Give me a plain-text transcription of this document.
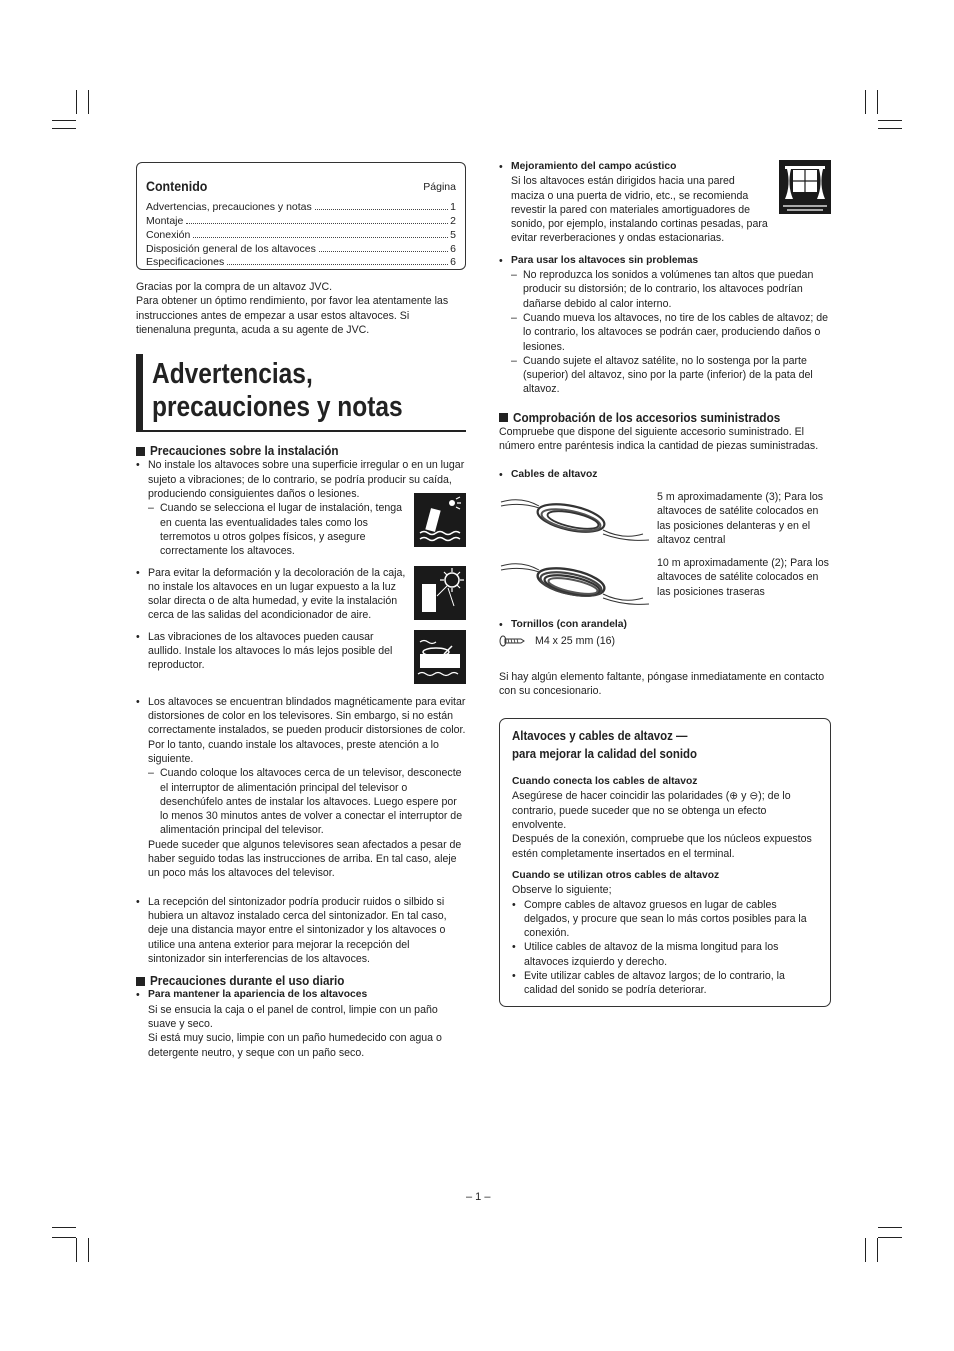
Contenido	Página
Advertencias, precauciones y notas	1
Montaje	2
Conexión	5
Disposición general de los altavoces	6
Especificaciones	6

Gracias por la compra de un altavoz JVC.

Para obtener un óptimo rendimiento, por favor lea atentamente las instrucciones antes de empezar a usar estos altavoces. Si tienenaluna pregunta, acuda a su agente de JVC.

Advertencias,
precauciones y notas
Precauciones sobre la instalación

• No instale los altavoces sobre una superficie irregular o en un lugar sujeto a vibraciones; de lo contrario, se podría producir su caída, produciendo consiguientes daños o lesiones.

– Cuando se selecciona el lugar de instalación, tenga en cuenta las eventualidades tales como los terremotos u otros golpes físicos, y asegure correctamente los altavoces.

• Para evitar la deformación y la decoloración de la caja, no instale los altavoces en un lugar expuesto a la luz solar directa o de alta humedad, y evite la instalación cerca de las salidas del acondicionador de aire.

• Las vibraciones de los altavoces pueden causar aullido. Instale los altavoces lo más lejos posible del reproductor.

• Los altavoces se encuentran blindados magnéticamente para evitar distorsiones de color en los televisores. Sin embargo, si no están correctamente instalados, se pueden producir distorsiones de color. Por lo tanto, cuando instale los altavoces, preste atención a lo siguiente.

– Cuando coloque los altavoces cerca de un televisor, desconecte el interruptor de alimentación principal del televisor o desenchúfelo antes de instalar los altavoces. Luego espere por lo menos 30 minutos antes de volver a conectar el interruptor de alimentación principal del televisor.

Puede suceder que algunos televisores sean afectados a pesar de haber seguido todas las instrucciones de arriba. En tal caso, aleje un poco más los altavoces del televisor.

• La recepción del sintonizador podría producir ruidos o silbido si hubiera un altavoz instalado cerca del sintonizador. En tal caso, deje una distancia mayor entre el sintonizador y los altavoces o utilice una antena exterior para mejorar la recepción del sintonizador sin interferencias de los altavoces.

Precauciones durante el uso diario

• Para mantener la apariencia de los altavoces

Si se ensucia la caja o el panel de control, limpie con un paño suave y seco.

Si está muy sucio, limpie con un paño humedecido con agua o detergente neutro, y seque con un paño seco.

• Mejoramiento del campo acústico

Si los altavoces están dirigidos hacia una pared maciza o una puerta de vidrio, etc., se recomienda revestir la pared con materiales amortiguadores de sonido, por ejemplo, instalando cortinas pesadas, para evitar reverberaciones y ondas estacionarias.

• Para usar los altavoces sin problemas

– No reproduzca los sonidos a volúmenes tan altos que puedan producir su distorsión; de lo contrario, los altavoces podrían dañarse debido al calor interno.
– Cuando mueva los altavoces, no tire de los cables de altavoz; de lo contrario, los altavoces se podrán caer, produciendo daños o lesiones.
– Cuando sujete el altavoz satélite, no lo sostenga por la parte (superior) del altavoz, sino por la parte (inferior) de la pata del altavoz.
Comprobación de los accesorios suministrados

Compruebe que dispone del siguiente accesorio suministrado. El número entre paréntesis indica la cantidad de piezas suministradas.

• Cables de altavoz

5 m aproximadamente (3); Para los altavoces de satélite colocados en las posiciones delanteras y en el altavoz central

10 m aproximadamente (2); Para los altavoces de satélite colocados en las posiciones traseras

• Tornillos (con arandela)

M4 x 25 mm (16)

Si hay algún elemento faltante, póngase inmediatamente en contacto con su concesionario.

Altavoces y cables de altavoz —
para mejorar la calidad del sonido

Cuando conecta los cables de altavoz

Asegúrese de hacer coincidir las polaridades (⊕ y ⊖); de lo contrario, puede suceder que no se obtenga un efecto envolvente.

Después de la conexión, compruebe que los núcleos expuestos estén completamente insertados en el terminal.

Cuando se utilizan otros cables de altavoz

Observe lo siguiente;

• Compre cables de altavoz gruesos en lugar de cables delgados, y procure que sean lo más cortos posibles para la conexión.
• Utilice cables de altavoz de la misma longitud para los altavoces izquierdo y derecho.
• Evite utilizar cables de altavoz largos; de lo contrario, la calidad del sonido se podría deteriorar.
– 1 –
